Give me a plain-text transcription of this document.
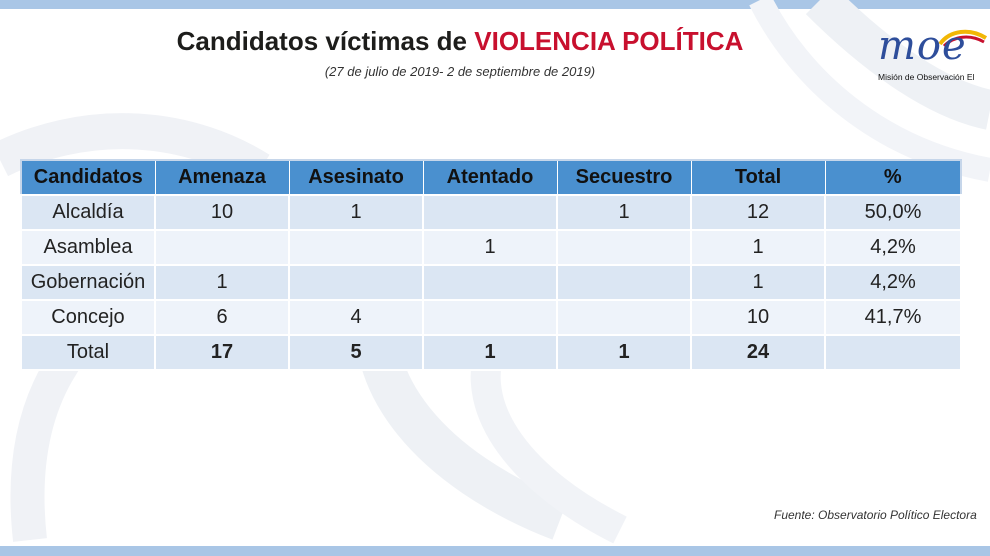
Candidatos víctimas de VIOLENCIA POLÍTICA
(27 de julio de 2019- 2 de septiembre de 2019)
moe
Misión de Observación El
Candidatos	Amenaza	Asesinato	Atentado	Secuestro	Total	%
Alcaldía	10	1		1	12	50,0%
Asamblea			1		1	4,2%
Gobernación	1				1	4,2%
Concejo	6	4			10	41,7%
Total	17	5	1	1	24	
Fuente: Observatorio Político Electora
